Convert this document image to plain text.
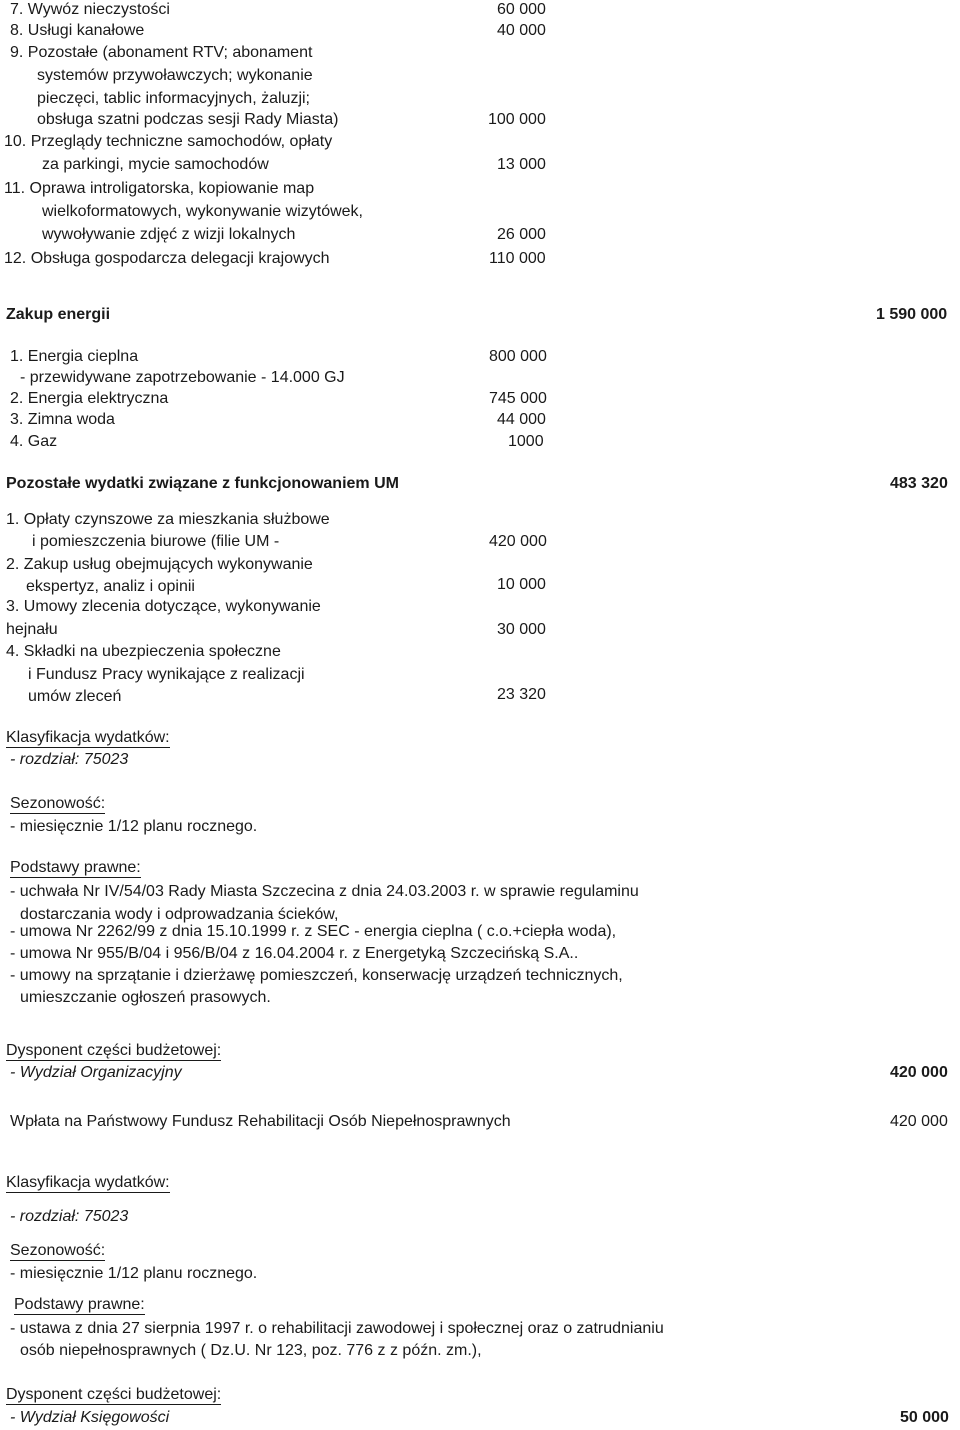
7. Wywóz nieczystości	60 000
8. Usługi kanałowe	40 000
9. Pozostałe (abonament RTV; abonament
systemów przywoławczych; wykonanie
pieczęci, tablic informacyjnych, żaluzji;
obsługa szatni podczas sesji Rady Miasta)	100 000
10. Przeglądy techniczne samochodów, opłaty
za parkingi, mycie samochodów	13 000
11. Oprawa introligatorska, kopiowanie map
wielkoformatowych, wykonywanie wizytówek,
wywoływanie zdjęć z wizji lokalnych	26 000
12. Obsługa gospodarcza delegacji krajowych	110 000
Zakup energii	1 590 000
1. Energia cieplna	800 000
- przewidywane zapotrzebowanie - 14.000 GJ
2. Energia elektryczna	745 000
3. Zimna woda	44 000
4. Gaz	1000
Pozostałe wydatki związane z funkcjonowaniem UM	483 320
1. Opłaty czynszowe za mieszkania służbowe
i pomieszczenia biurowe (filie UM -	420 000
2. Zakup usług obejmujących wykonywanie
ekspertyz, analiz i opinii	10 000
3. Umowy zlecenia dotyczące, wykonywanie
hejnału	30 000
4. Składki na ubezpieczenia społeczne
i Fundusz Pracy wynikające z realizacji
umów zleceń	23 320
Klasyfikacja wydatków:
- rozdział: 75023
Sezonowość:
- miesięcznie 1/12 planu rocznego.
Podstawy prawne:
- uchwała Nr IV/54/03 Rady Miasta Szczecina z dnia 24.03.2003 r. w sprawie regulaminu
dostarczania wody i odprowadzania ścieków,
- umowa Nr 2262/99 z dnia 15.10.1999 r. z SEC - energia cieplna ( c.o.+ciepła woda),
- umowa Nr 955/B/04 i 956/B/04 z 16.04.2004 r. z Energetyką Szczecińską S.A..
- umowy na sprzątanie i dzierżawę pomieszczeń, konserwację urządzeń technicznych,
umieszczanie ogłoszeń prasowych.
Dysponent części budżetowej:
- Wydział Organizacyjny	420 000
Wpłata na Państwowy Fundusz Rehabilitacji Osób Niepełnosprawnych	420 000
Klasyfikacja wydatków:
- rozdział: 75023
Sezonowość:
- miesięcznie 1/12 planu rocznego.
Podstawy prawne:
- ustawa z dnia 27 sierpnia 1997 r. o rehabilitacji zawodowej i społecznej oraz o zatrudnianiu
osób niepełnosprawnych ( Dz.U. Nr 123, poz. 776 z z późn. zm.),
Dysponent części budżetowej:
- Wydział Księgowości	50 000
